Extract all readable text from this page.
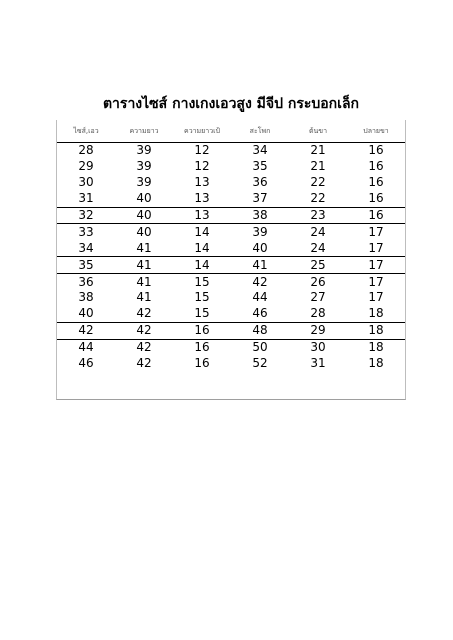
ตารางไซส์ กางเกงเอวสูง มีจีป กระบอกเล็ก
ไซส์,เอว	ความยาว	ความยาวเป้	สะโพก	ต้นขา	ปลายขา
28	39	12	34	21	16
29	39	12	35	21	16
30	39	13	36	22	16
31	40	13	37	22	16
32	40	13	38	23	16
33	40	14	39	24	17
34	41	14	40	24	17
35	41	14	41	25	17
36	41	15	42	26	17
38	41	15	44	27	17
40	42	15	46	28	18
42	42	16	48	29	18
44	42	16	50	30	18
46	42	16	52	31	18
